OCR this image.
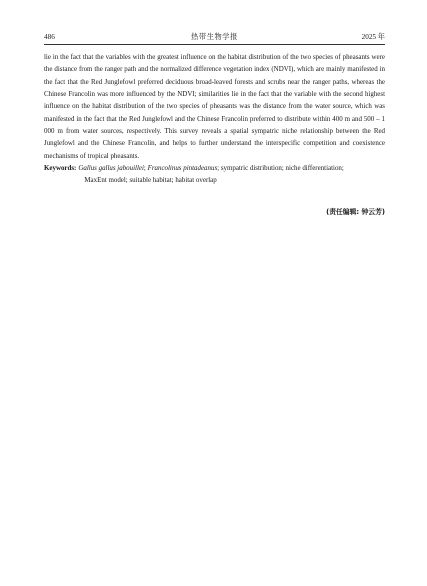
486	热带生物学报	2025 年

lie in the fact that the variables with the greatest influence on the habitat distribution of the two species of pheasants were the distance from the ranger path and the normalized difference vegetation index (NDVI), which are mainly manifested in the fact that the Red Junglefowl preferred deciduous broad-leaved forests and scrubs near the ranger paths, whereas the Chinese Francolin was more influenced by the NDVI; similarities lie in the fact that the variable with the second highest influence on the habitat distribution of the two species of pheasants was the distance from the water source, which was manifested in the fact that the Red Junglefowl and the Chinese Francolin preferred to distribute within 400 m and 500 – 1 000 m from water sources, respectively. This survey reveals a spatial sympatric niche relationship between the Red Junglefowl and the Chinese Francolin, and helps to further understand the interspecific competition and coexistence mechanisms of tropical pheasants.

Keywords: Gallus gallus jabouillei; Francolinus pintadeanus; sympatric distribution; niche differentiation;
MaxEnt model; suitable habitat; habitat overlap
(责任编辑: 钟云芳)
